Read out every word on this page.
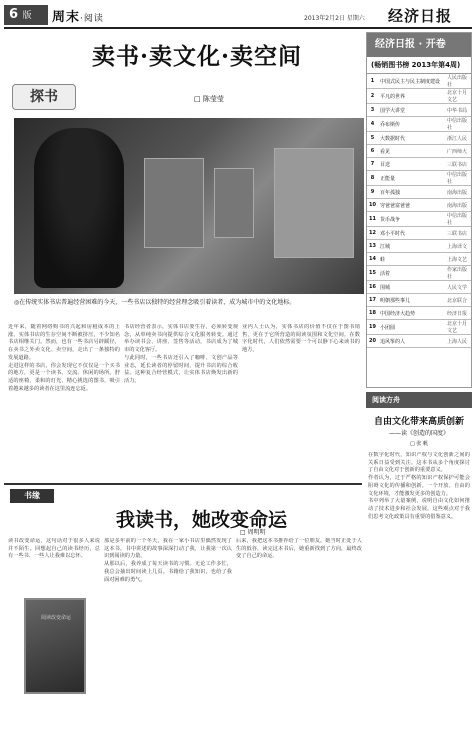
6 版	周末·阅读	2013年2月2日 星期六 经济日报
卖书·卖文化·卖空间
探书	□ 陈莹莹
◎在传统实体书店普遍经营困难的今天，一些书店以独特的经营理念吸引着读者，成为城市中的文化地标。

近年来，随着网络购书的兴起和房租成本的上涨，实体书店的生存空间不断被挤压，不少知名书店相继关门。然而，也有一些书店另辟蹊径，在卖书之外卖文化、卖空间，走出了一条独特的发展道路。

走进这样的书店，你会发现它不仅仅是一个买书的地方，更是一个读书、交流、休闲的场所。舒适的座椅、柔和的灯光、精心挑选的图书，吸引着越来越多的读者在这里流连忘返。

书店经营者表示，实体书店要生存，必须转变观念，从单纯卖书向提供综合文化服务转变。通过举办读书会、讲座、签售等活动，书店成为了城市的文化客厅。

与此同时，一些书店还引入了咖啡、文创产品等业态，延长读者的停留时间，提升书店的综合收益。这种复合经营模式，让实体书店焕发出新的活力。

业内人士认为，实体书店的价值不仅在于图书销售，更在于它所营造的阅读氛围和文化空间。在数字化时代，人们依然需要一个可以静下心来读书的地方。

经济日报 · 开卷
(畅销图书榜 2013年第4周)
1	中国式民主与民主制度建设	人民出版社
2	平凡的世界	北京十月文艺
3	国学大讲堂	中华书局
4	乔布斯传	中信出版社
5	大数据时代	浙江人民
6	看见	广西师大
7	目送	三联书店
8	正能量	中信出版社
9	百年孤独	南海出版
10	穷爸爸富爸爸	南海出版
11	货币战争	中信出版社
12	邓小平时代	三联书店
13	江城	上海译文
14	蛙	上海文艺
15	活着	作家出版社
16	围城	人民文学
17	明朝那些事儿	北京联合
18	中国经济大趋势	经济日报
19	小团圆	北京十月文艺
20	追风筝的人	上海人民
阅读方舟
自由文化带来高质创新
——读《创造的国度》
□ 张 帆

在数字化时代，知识产权与文化创新之间的关系日益受到关注。这本书从多个角度探讨了自由文化对于创新的重要意义。

作者认为，过于严格的知识产权保护可能会阻碍文化的传播和创新。一个开放、自由的文化环境，才能激发更多的创造力。

书中列举了大量案例，说明自由文化如何推动了技术进步和社会发展。这些观点对于我们思考文化政策具有重要的借鉴意义。

书缘
我读书，她改变命运
□ 周明明

读书改变命运，这句话对于很多人来说并不陌生。回想起自己的读书经历，总有一些书、一些人让我难以忘怀。

阅读改变命运

那是多年前的一个冬天，我在一家小书店里偶然发现了这本书。书中讲述的故事深深打动了我，让我第一次认识到阅读的力量。

从那以后，我养成了每天读书的习惯。无论工作多忙，我总会抽出时间读上几页。书籍给了我知识，也给了我面对困难的勇气。

后来，我把这本书推荐给了一位朋友。她当时正处于人生的低谷，读完这本书后，她重新找到了方向，最终改变了自己的命运。
